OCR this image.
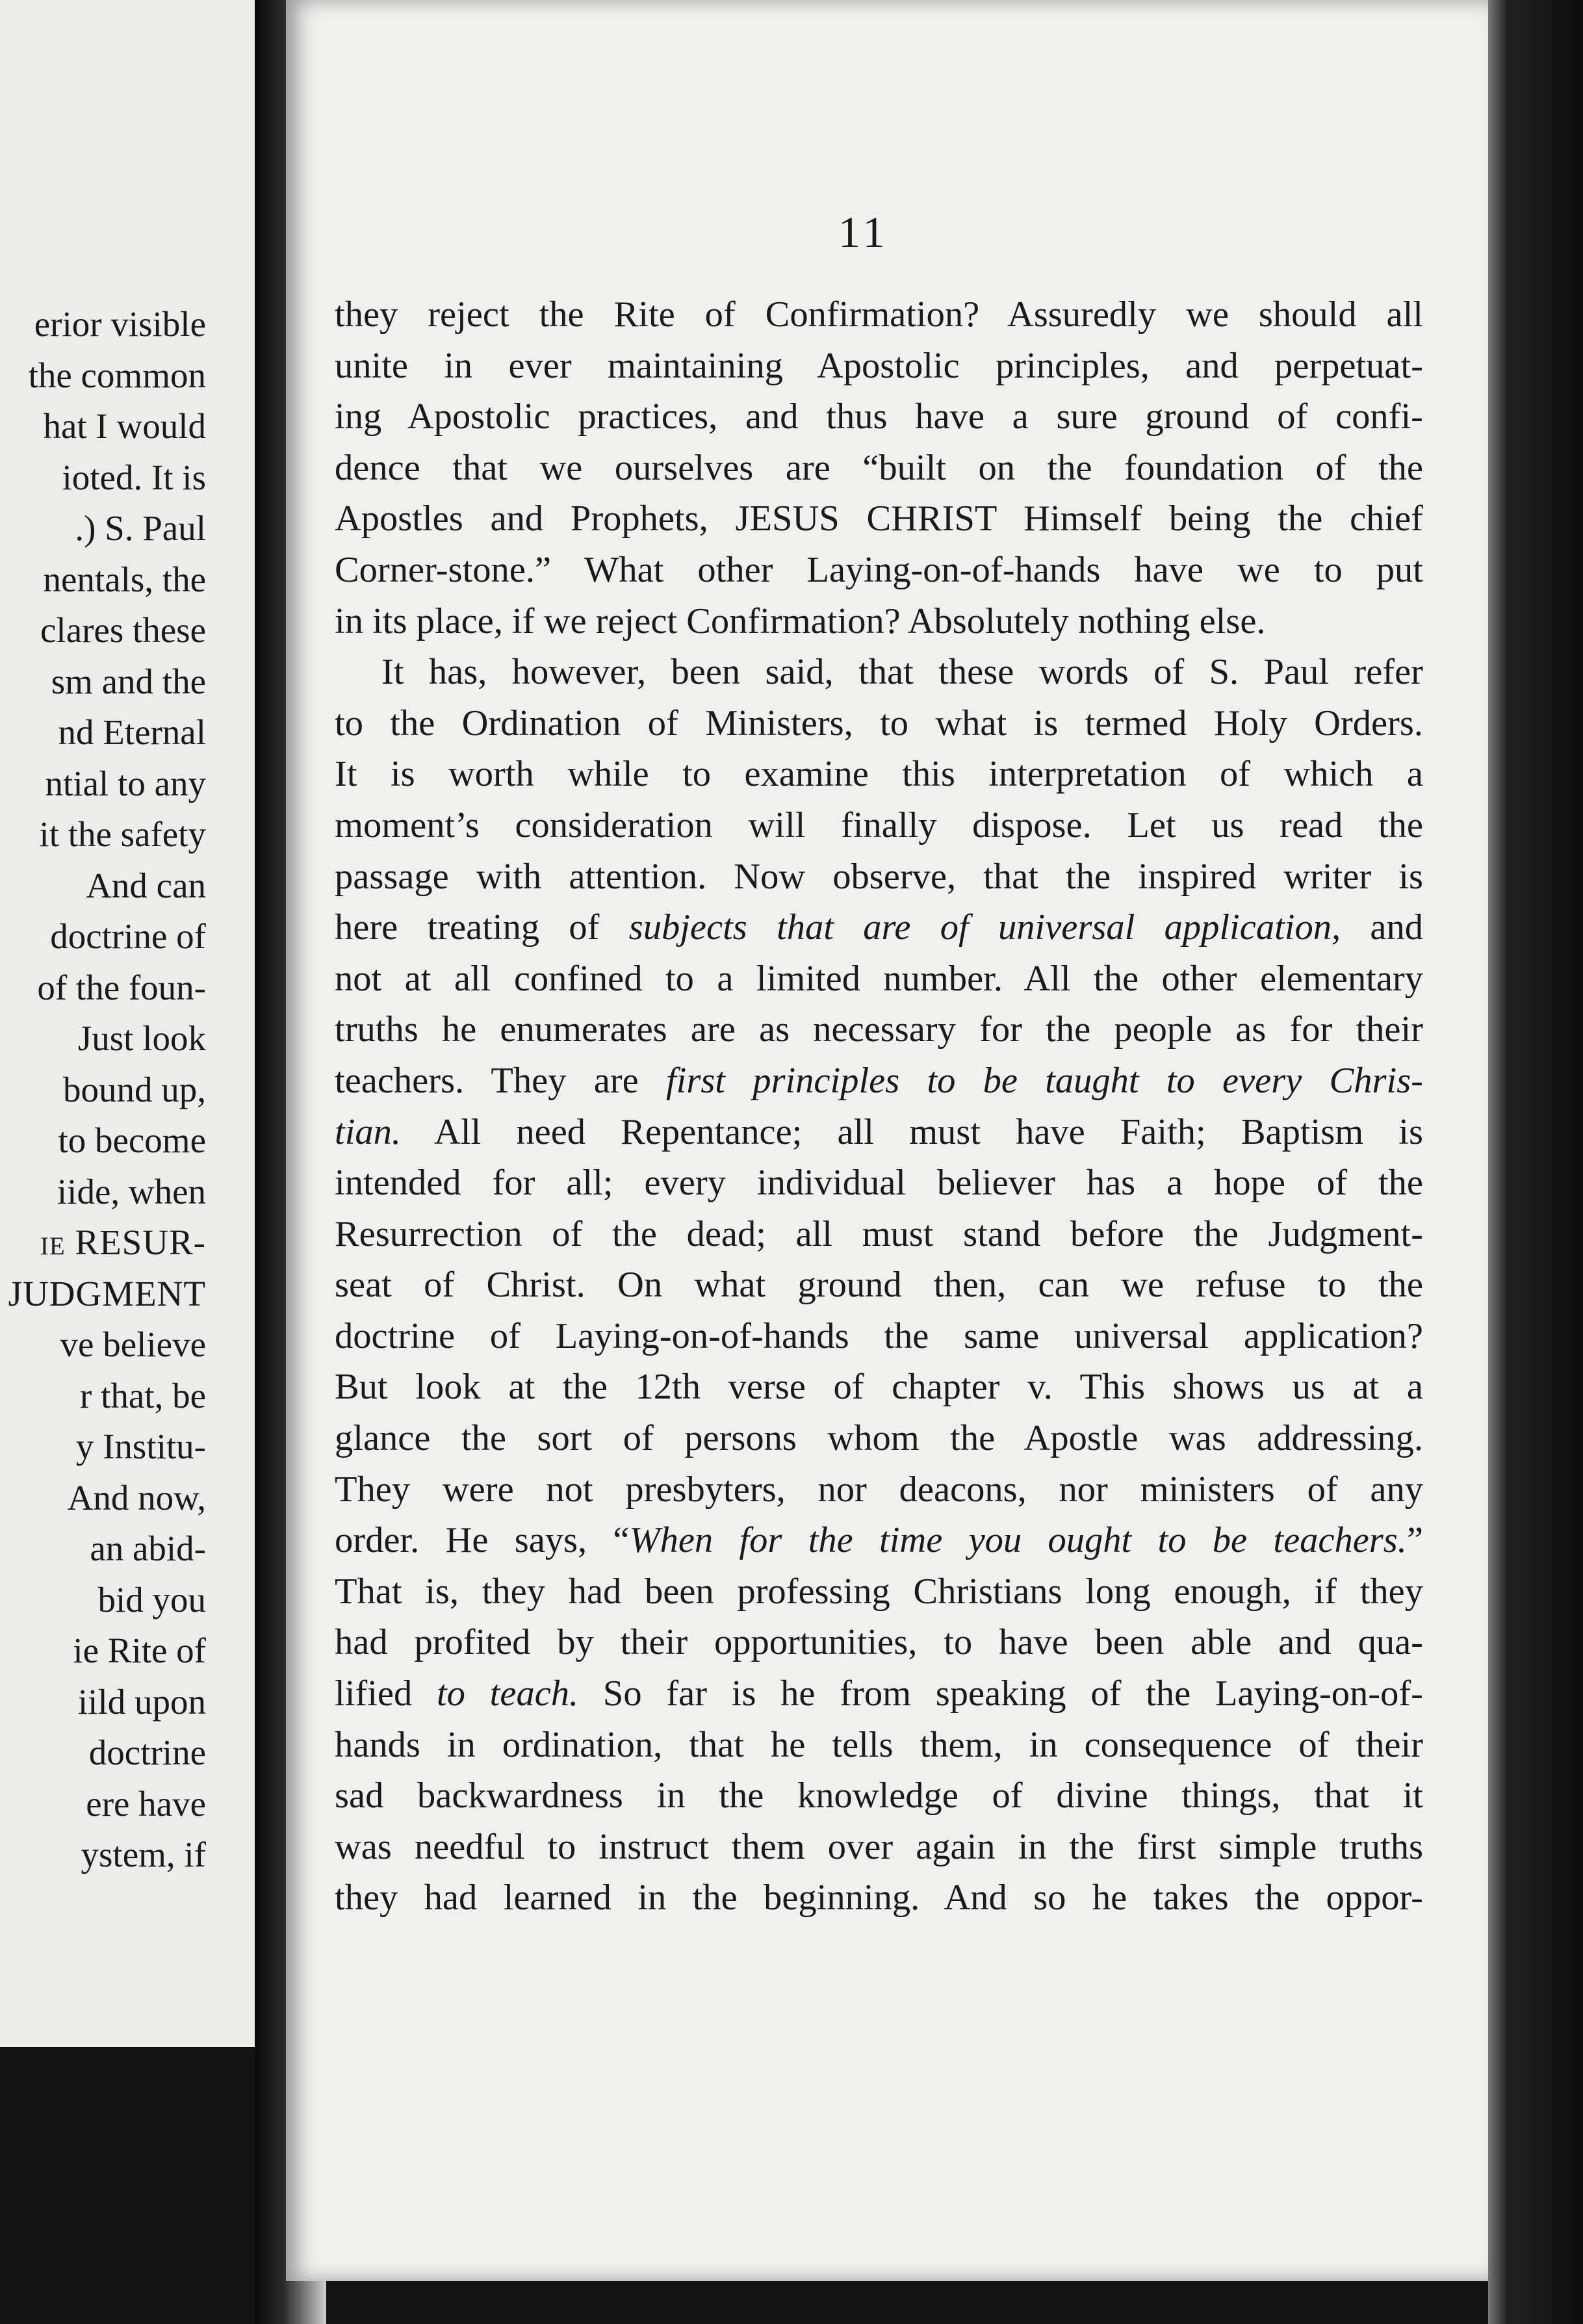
erior visible
the common
hat I would
ioted. It is
.) S. Paul
nentals, the
clares these
sm and the
nd Eternal
ntial to any
it the safety
And can
doctrine of
of the foun-
Just look
bound up,
to become
iide, when
ie RESUR-
JUDGMENT
ve believe
r that, be
y Institu-
And now,
an abid-
bid you
ie Rite of
iild upon
doctrine
ere have
ystem, if
11
they reject the Rite of Confirmation? Assuredly we should all
unite in ever maintaining Apostolic principles, and perpetuat-
ing Apostolic practices, and thus have a sure ground of confi-
dence that we ourselves are “built on the foundation of the
Apostles and Prophets, JESUS CHRIST Himself being the chief
Corner-stone.” What other Laying-on-of-hands have we to put
in its place, if we reject Confirmation? Absolutely nothing else.
It has, however, been said, that these words of S. Paul refer
to the Ordination of Ministers, to what is termed Holy Orders.
It is worth while to examine this interpretation of which a
moment’s consideration will finally dispose. Let us read the
passage with attention. Now observe, that the inspired writer is
here treating of subjects that are of universal application, and
not at all confined to a limited number. All the other elementary
truths he enumerates are as necessary for the people as for their
teachers. They are first principles to be taught to every Chris-
tian. All need Repentance; all must have Faith; Baptism is
intended for all; every individual believer has a hope of the
Resurrection of the dead; all must stand before the Judgment-
seat of Christ. On what ground then, can we refuse to the
doctrine of Laying-on-of-hands the same universal application?
But look at the 12th verse of chapter v. This shows us at a
glance the sort of persons whom the Apostle was addressing.
They were not presbyters, nor deacons, nor ministers of any
order. He says, “When for the time you ought to be teachers.”
That is, they had been professing Christians long enough, if they
had profited by their opportunities, to have been able and qua-
lified to teach. So far is he from speaking of the Laying-on-of-
hands in ordination, that he tells them, in consequence of their
sad backwardness in the knowledge of divine things, that it
was needful to instruct them over again in the first simple truths
they had learned in the beginning. And so he takes the oppor-
